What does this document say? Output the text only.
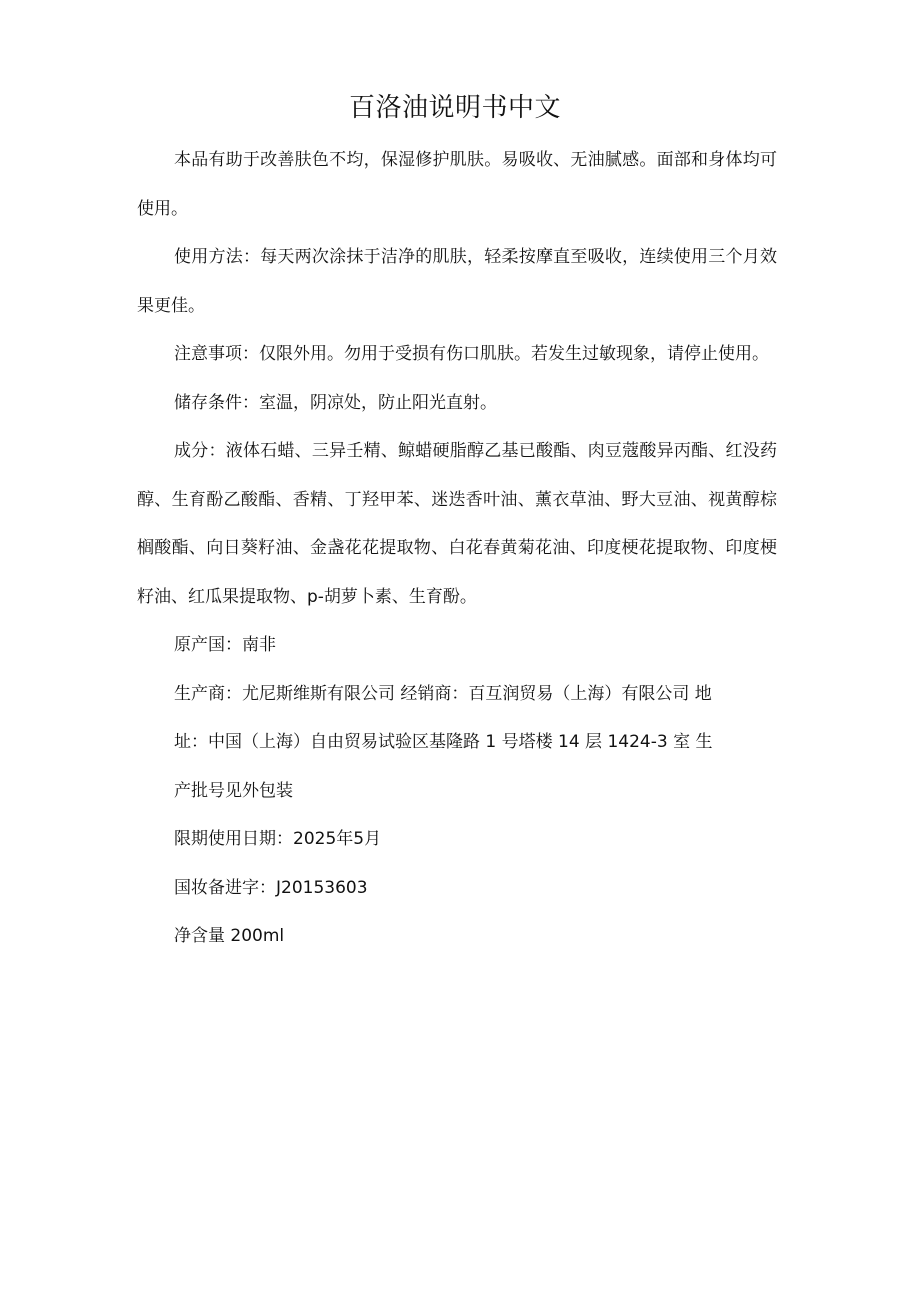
百洛油说明书中文

本品有助于改善肤色不均，保湿修护肌肤。易吸收、无油腻感。面部和身体均可使用。

使用方法：每天两次涂抹于洁净的肌肤，轻柔按摩直至吸收，连续使用三个月效果更佳。

注意事项：仅限外用。勿用于受损有伤口肌肤。若发生过敏现象，请停止使用。

储存条件：室温，阴凉处，防止阳光直射。

成分：液体石蜡、三异壬精、鲸蜡硬脂醇乙基已酸酯、肉豆蔻酸异丙酯、红没药醇、生育酚乙酸酯、香精、丁羟甲苯、迷迭香叶油、薰衣草油、野大豆油、视黄醇棕榈酸酯、向日葵籽油、金盏花花提取物、白花春黄菊花油、印度梗花提取物、印度梗籽油、红瓜果提取物、p-胡萝卜素、生育酚。

原产国：南非

生产商：尤尼斯维斯有限公司 经销商：百互润贸易（上海）有限公司 地

址：中国（上海）自由贸易试验区基隆路 1 号塔楼 14 层 1424-3 室 生

产批号见外包装

限期使用日期：2025年5月

国妆备进字：J20153603

净含量 200ml
